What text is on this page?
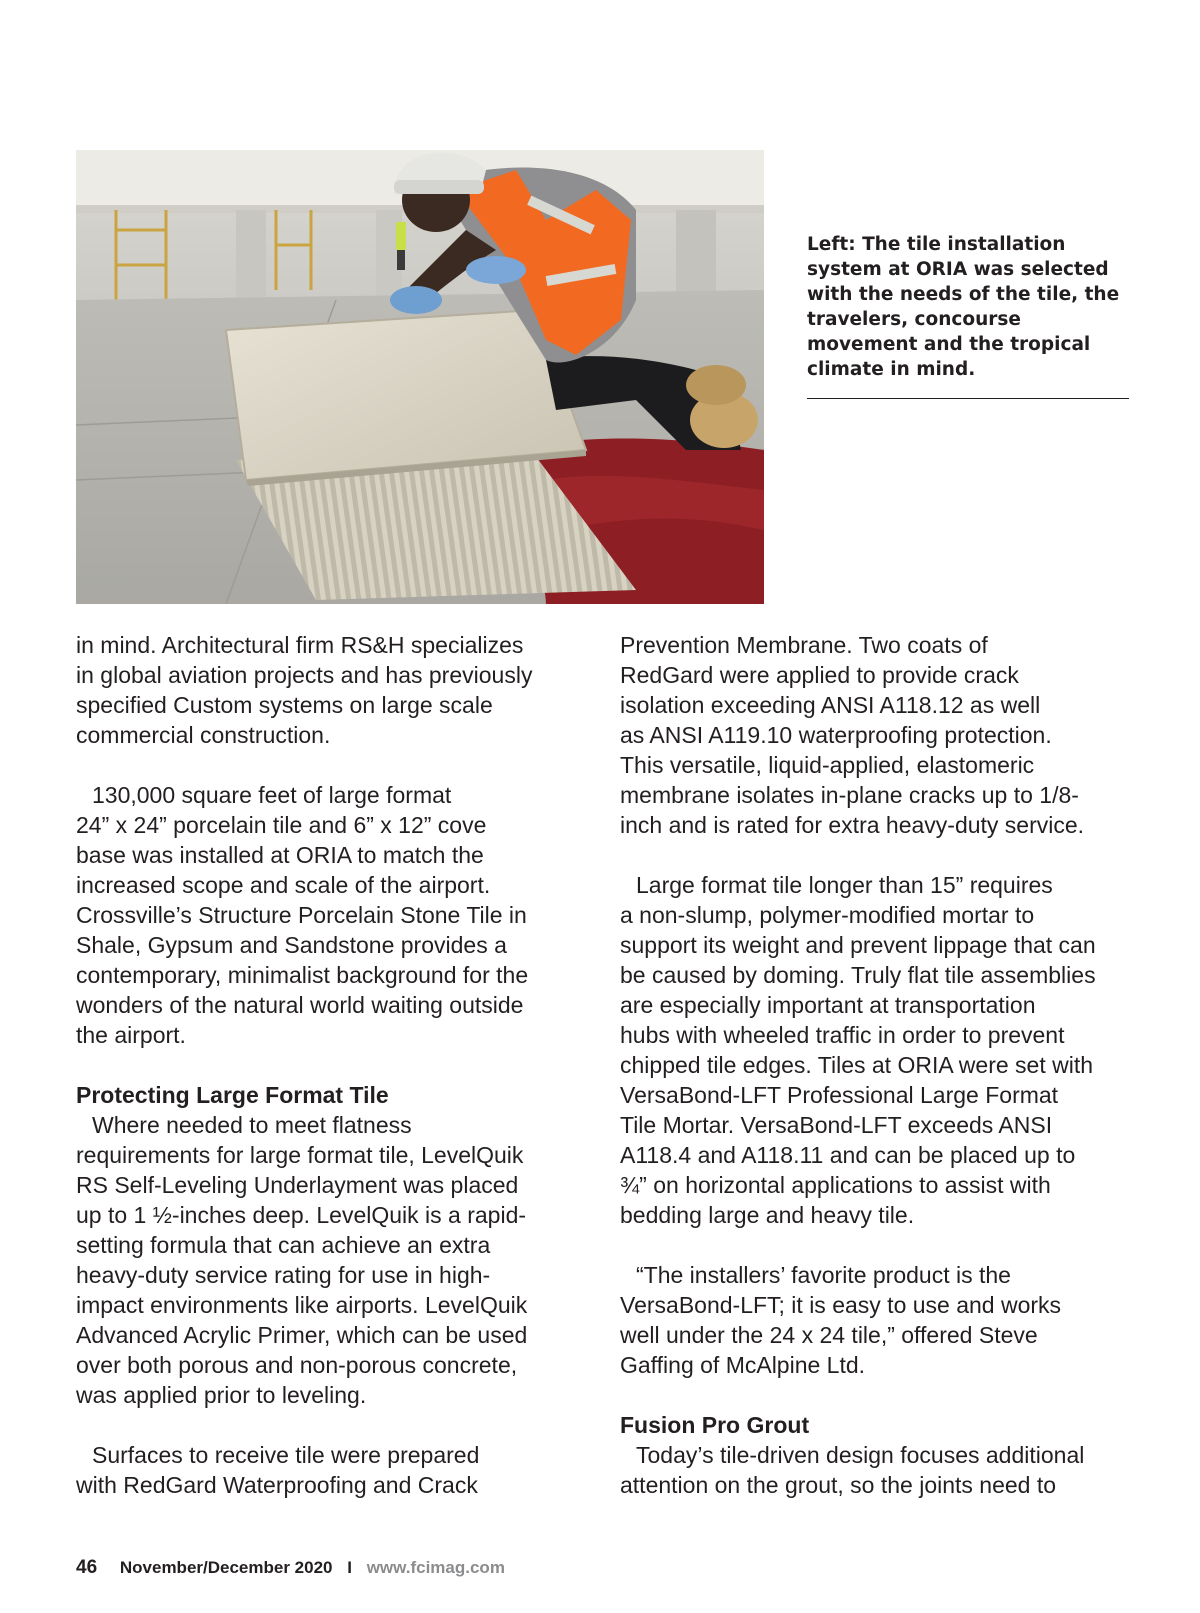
Left: The tile installation system at ORIA was selected with the needs of the tile, the travelers, concourse movement and the tropical climate in mind.

in mind. Architectural firm RS&H specializes
in global aviation projects and has previously
specified Custom systems on large scale
commercial construction.

130,000 square feet of large format
24” x 24” porcelain tile and 6” x 12” cove
base was installed at ORIA to match the
increased scope and scale of the airport.
Crossville’s Structure Porcelain Stone Tile in
Shale, Gypsum and Sandstone provides a
contemporary, minimalist background for the
wonders of the natural world waiting outside
the airport.

Protecting Large Format Tile

Where needed to meet flatness
requirements for large format tile, LevelQuik
RS Self-Leveling Underlayment was placed
up to 1 ½-inches deep. LevelQuik is a rapid-
setting formula that can achieve an extra
heavy-duty service rating for use in high-
impact environments like airports. LevelQuik
Advanced Acrylic Primer, which can be used
over both porous and non-porous concrete,
was applied prior to leveling.

Surfaces to receive tile were prepared
with RedGard Waterproofing and Crack

Prevention Membrane. Two coats of
RedGard were applied to provide crack
isolation exceeding ANSI A118.12 as well
as ANSI A119.10 waterproofing protection.
This versatile, liquid-applied, elastomeric
membrane isolates in-plane cracks up to 1/8-
inch and is rated for extra heavy-duty service.

Large format tile longer than 15” requires
a non-slump, polymer-modified mortar to
support its weight and prevent lippage that can
be caused by doming. Truly flat tile assemblies
are especially important at transportation
hubs with wheeled traffic in order to prevent
chipped tile edges. Tiles at ORIA were set with
VersaBond-LFT Professional Large Format
Tile Mortar. VersaBond-LFT exceeds ANSI
A118.4 and A118.11 and can be placed up to
¾” on horizontal applications to assist with
bedding large and heavy tile.

“The installers’ favorite product is the
VersaBond-LFT; it is easy to use and works
well under the 24 x 24 tile,” offered Steve
Gaffing of McAlpine Ltd.

Fusion Pro Grout

Today’s tile-driven design focuses additional
attention on the grout, so the joints need to

46 November/December 2020 I www.fcimag.com
